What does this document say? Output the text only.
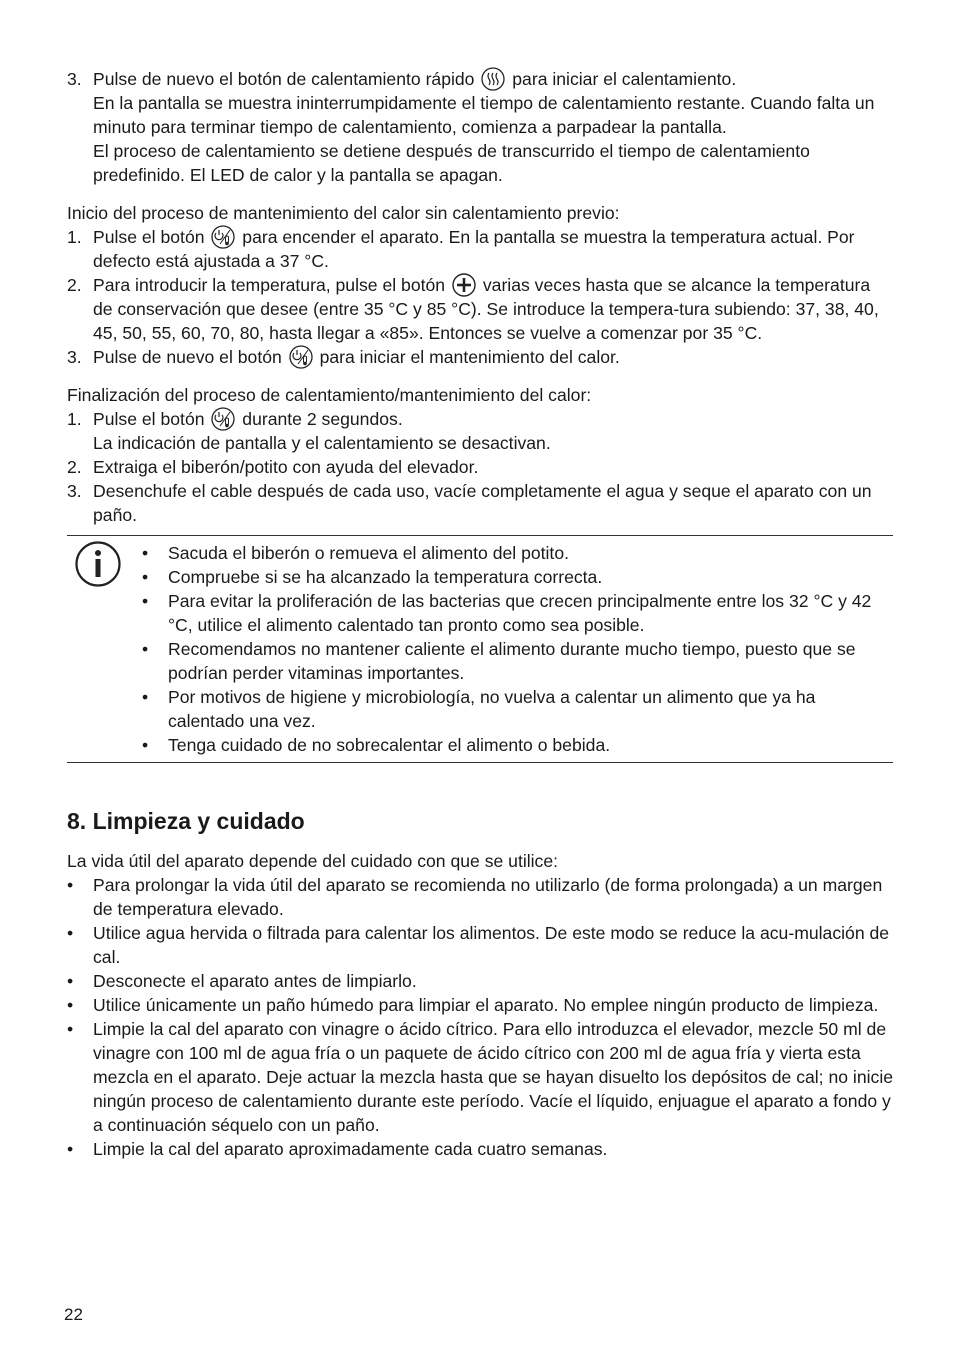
3. Pulse de nuevo el botón de calentamiento rápido para iniciar el calentamiento.

En la pantalla se muestra ininterrumpidamente el tiempo de calentamiento restante. Cuando falta un minuto para terminar tiempo de calentamiento, comienza a parpadear la pantalla.

El proceso de calentamiento se detiene después de transcurrido el tiempo de calentamiento predefinido. El LED de calor y la pantalla se apagan.

Inicio del proceso de mantenimiento del calor sin calentamiento previo:

1. Pulse el botón para encender el aparato. En la pantalla se muestra la temperatura actual. Por defecto está ajustada a 37 °C.
2. Para introducir la temperatura, pulse el botón varias veces hasta que se alcance la temperatura de conservación que desee (entre 35 °C y 85 °C). Se introduce la tempera-tura subiendo: 37, 38, 40, 45, 50, 55, 60, 70, 80, hasta llegar a «85». Entonces se vuelve a comenzar por 35 °C.
3. Pulse de nuevo el botón para iniciar el mantenimiento del calor.

Finalización del proceso de calentamiento/mantenimiento del calor:

1. Pulse el botón durante 2 segundos.

La indicación de pantalla y el calentamiento se desactivan.

2. Extraiga el biberón/potito con ayuda del elevador.
3. Desenchufe el cable después de cada uso, vacíe completamente el agua y seque el aparato con un paño.
• Sacuda el biberón o remueva el alimento del potito.
• Compruebe si se ha alcanzado la temperatura correcta.
• Para evitar la proliferación de las bacterias que crecen principalmente entre los 32 °C y 42 °C, utilice el alimento calentado tan pronto como sea posible.
• Recomendamos no mantener caliente el alimento durante mucho tiempo, puesto que se podrían perder vitaminas importantes.
• Por motivos de higiene y microbiología, no vuelva a calentar un alimento que ya ha calentado una vez.
• Tenga cuidado de no sobrecalentar el alimento o bebida.
8. Limpieza y cuidado

La vida útil del aparato depende del cuidado con que se utilice:

• Para prolongar la vida útil del aparato se recomienda no utilizarlo (de forma prolongada) a un margen de temperatura elevado.
• Utilice agua hervida o filtrada para calentar los alimentos. De este modo se reduce la acu-mulación de cal.
• Desconecte el aparato antes de limpiarlo.
• Utilice únicamente un paño húmedo para limpiar el aparato. No emplee ningún producto de limpieza.
• Limpie la cal del aparato con vinagre o ácido cítrico. Para ello introduzca el elevador, mezcle 50 ml de vinagre con 100 ml de agua fría o un paquete de ácido cítrico con 200 ml de agua fría y vierta esta mezcla en el aparato. Deje actuar la mezcla hasta que se hayan disuelto los depósitos de cal; no inicie ningún proceso de calentamiento durante este período. Vacíe el líquido, enjuague el aparato a fondo y a continuación séquelo con un paño.
• Limpie la cal del aparato aproximadamente cada cuatro semanas.
22
